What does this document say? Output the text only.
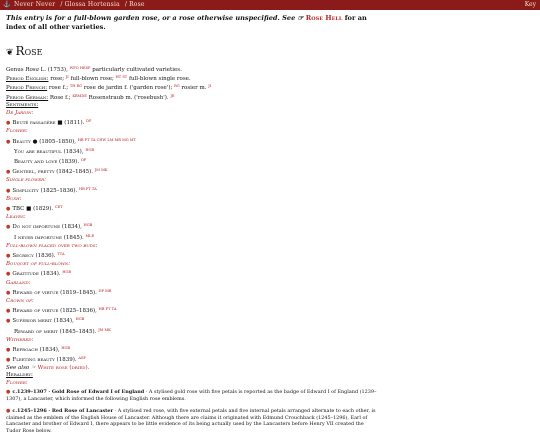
⚓ Never Never / Glossa Hortensia / Rose	Key
This entry is for a full-blown garden rose, or a rose otherwise unspecified. See ☞ Rose Hell for an index of all other varieties.
❦ Rose
Genus Rosa L. (1753), $^{WFO HESP}$ particularly cultivated varieties.
Period English: rose; $^{JI}$ full-blown rose; $^{HT ST}$ full-blown single rose.
Period French: rose f.; $^{TH RG}$ rose de jardin f. ('garden rose'); $^{RG}$ rosier m. $^{JI}$
Period German: Rose f.; $^{KBMDE}$ Rosenstraub m. ('rosebush'). $^{JE}$
Sentiments:
De Jardin:
● Beuté passagère ■ (1811). $^{DP}$
Flower:
● Beauty ● (1805–1850), $^{HB FT TA CHW LM MR MG MT}$
You are beautiful (1834), $^{HGB}$
Beauty and love (1839). $^{OF}$
● Genteel, pretty (1842–1845). $^{JM MK}$
Single flower:
● Simplicity (1825–1836). $^{HB FT TA}$
Bush:
● TBC ■ (1829). $^{CET}$
Leaves:
● Do not importune (1834), $^{HGB}$
I never importune (1845). $^{MLE}$
Full-blown placed over two buds:
● Secrecy (1836). $^{TTA}$
Bouquet of full-blown:
● Gratitude (1834). $^{HGB}$
Garland:
● Reward of virtue (1819–1845). $^{DP MR}$
Crown of:
● Reward of virtue (1825–1836), $^{HB FT TA}$
● Superior merit (1834), $^{HGB}$
Reward of merit (1845–1845). $^{JM MK}$
Withered:
● Reproach (1834), $^{HGB}$
● Fleeting beauty (1839). $^{ASP}$
See also ☞ White rose (dried).
Heraldry:
Flower:
● c.1239–1307 · Gold Rose of Edward I of England · A stylised gold rose with five petals is reported as the badge of Edward I of England (1239–1307), a Lancaster, which informed the following English rose emblems.
● c.1245–1296 · Red Rose of Lancaster · A stylised red rose, with five external petals and five internal petals arranged alternate to each other, is claimed as the emblem of the English House of Lancaster. Although there are claims it originated with Edmund Crouchback (1245–1296), Earl of Lancaster and brother of Edward I, there appears to be little evidence of its being actually used by the Lancasters before Henry VII created the Tudor Rose below.
